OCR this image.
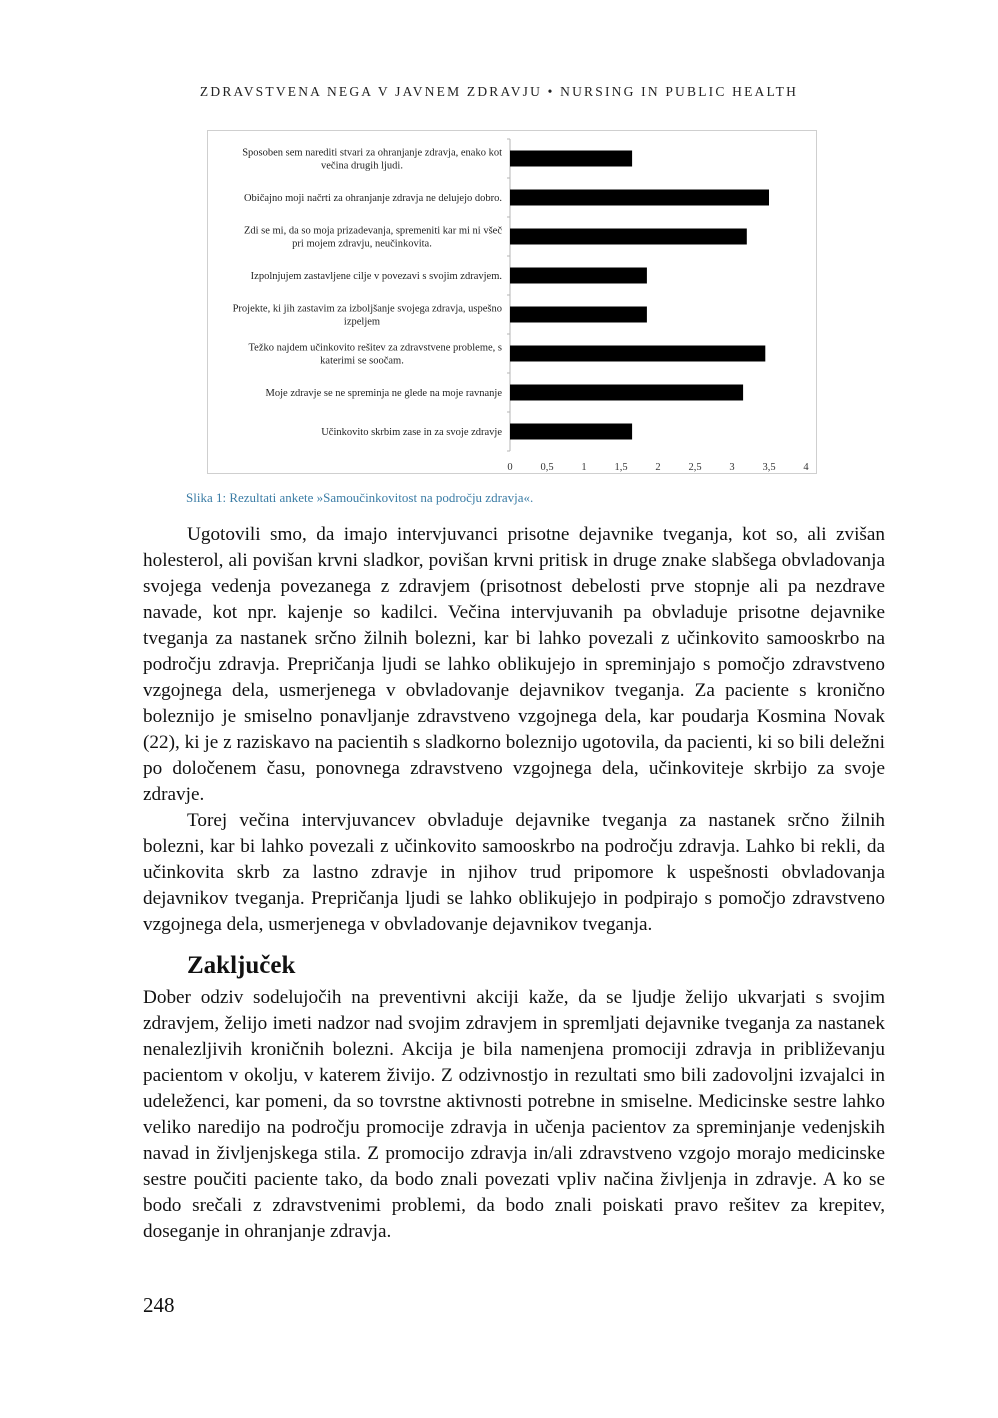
ZDRAVSTVENA NEGA V JAVNEM ZDRAVJU • NURSING IN PUBLIC HEALTH
Sposoben sem narediti stvari za ohranjanje zdravja, enako kot
večina drugih ljudi.
Običajno moji načrti za ohranjanje zdravja ne delujejo dobro.
Zdi se mi, da so moja prizadevanja, spremeniti kar mi ni všeč
pri mojem zdravju, neučinkovita.
Izpolnjujem zastavljene cilje v povezavi s svojim zdravjem.
Projekte, ki jih zastavim za izboljšanje svojega zdravja, uspešno
izpeljem
Težko najdem učinkovito rešitev za zdravstvene probleme, s
katerimi se soočam.
Moje zdravje se ne spreminja ne glede na moje ravnanje
Učinkovito skrbim zase in za svoje zdravje
0	0,5	1	1,5	2	2,5	3	3,5	4
Slika 1: Rezultati ankete »Samoučinkovitost na področju zdravja«.

Ugotovili smo, da imajo intervjuvanci prisotne dejavnike tveganja, kot so, ali zvišan holesterol, ali povišan krvni sladkor, povišan krvni pritisk in druge znake slabšega obvladovanja svojega vedenja povezanega z zdravjem (prisotnost debelosti prve stopnje ali pa nezdrave navade, kot npr. kajenje so kadilci. Večina intervjuvanih pa obvladuje prisotne dejavnike tveganja za nastanek srčno žilnih bolezni, kar bi lahko povezali z učinkovito samooskrbo na področju zdravja. Prepričanja ljudi se lahko oblikujejo in spreminjajo s pomočjo zdravstveno vzgojnega dela, usmerjenega v obvladovanje dejavnikov tveganja. Za paciente s kronično boleznijo je smiselno ponavljanje zdravstveno vzgojnega dela, kar poudarja Kosmina Novak (22), ki je z raziskavo na pacientih s sladkorno boleznijo ugotovila, da pacienti, ki so bili deležni po določenem času, ponovnega zdravstveno vzgojnega dela, učinkoviteje skrbijo za svoje zdravje.

Torej večina intervjuvancev obvladuje dejavnike tveganja za nastanek srčno žilnih bolezni, kar bi lahko povezali z učinkovito samooskrbo na področju zdravja. Lahko bi rekli, da učinkovita skrb za lastno zdravje in njihov trud pripomore k uspešnosti obvladovanja dejavnikov tveganja. Prepričanja ljudi se lahko oblikujejo in podpirajo s pomočjo zdravstveno vzgojnega dela, usmerjenega v obvladovanje dejavnikov tveganja.

Zaključek

Dober odziv sodelujočih na preventivni akciji kaže, da se ljudje želijo ukvarjati s svojim zdravjem, želijo imeti nadzor nad svojim zdravjem in spremljati dejavnike tveganja za nastanek nenalezljivih kroničnih bolezni. Akcija je bila namenjena promociji zdravja in približevanju pacientom v okolju, v katerem živijo. Z odzivnostjo in rezultati smo bili zadovoljni izvajalci in udeleženci, kar pomeni, da so tovrstne aktivnosti potrebne in smiselne. Medicinske sestre lahko veliko naredijo na področju promocije zdravja in učenja pacientov za spreminjanje vedenjskih navad in življenjskega stila. Z promocijo zdravja in/ali zdravstveno vzgojo morajo medicinske sestre poučiti paciente tako, da bodo znali povezati vpliv načina življenja in zdravje. A ko se bodo srečali z zdravstvenimi problemi, da bodo znali poiskati pravo rešitev za krepitev, doseganje in ohranjanje zdravja.

248
